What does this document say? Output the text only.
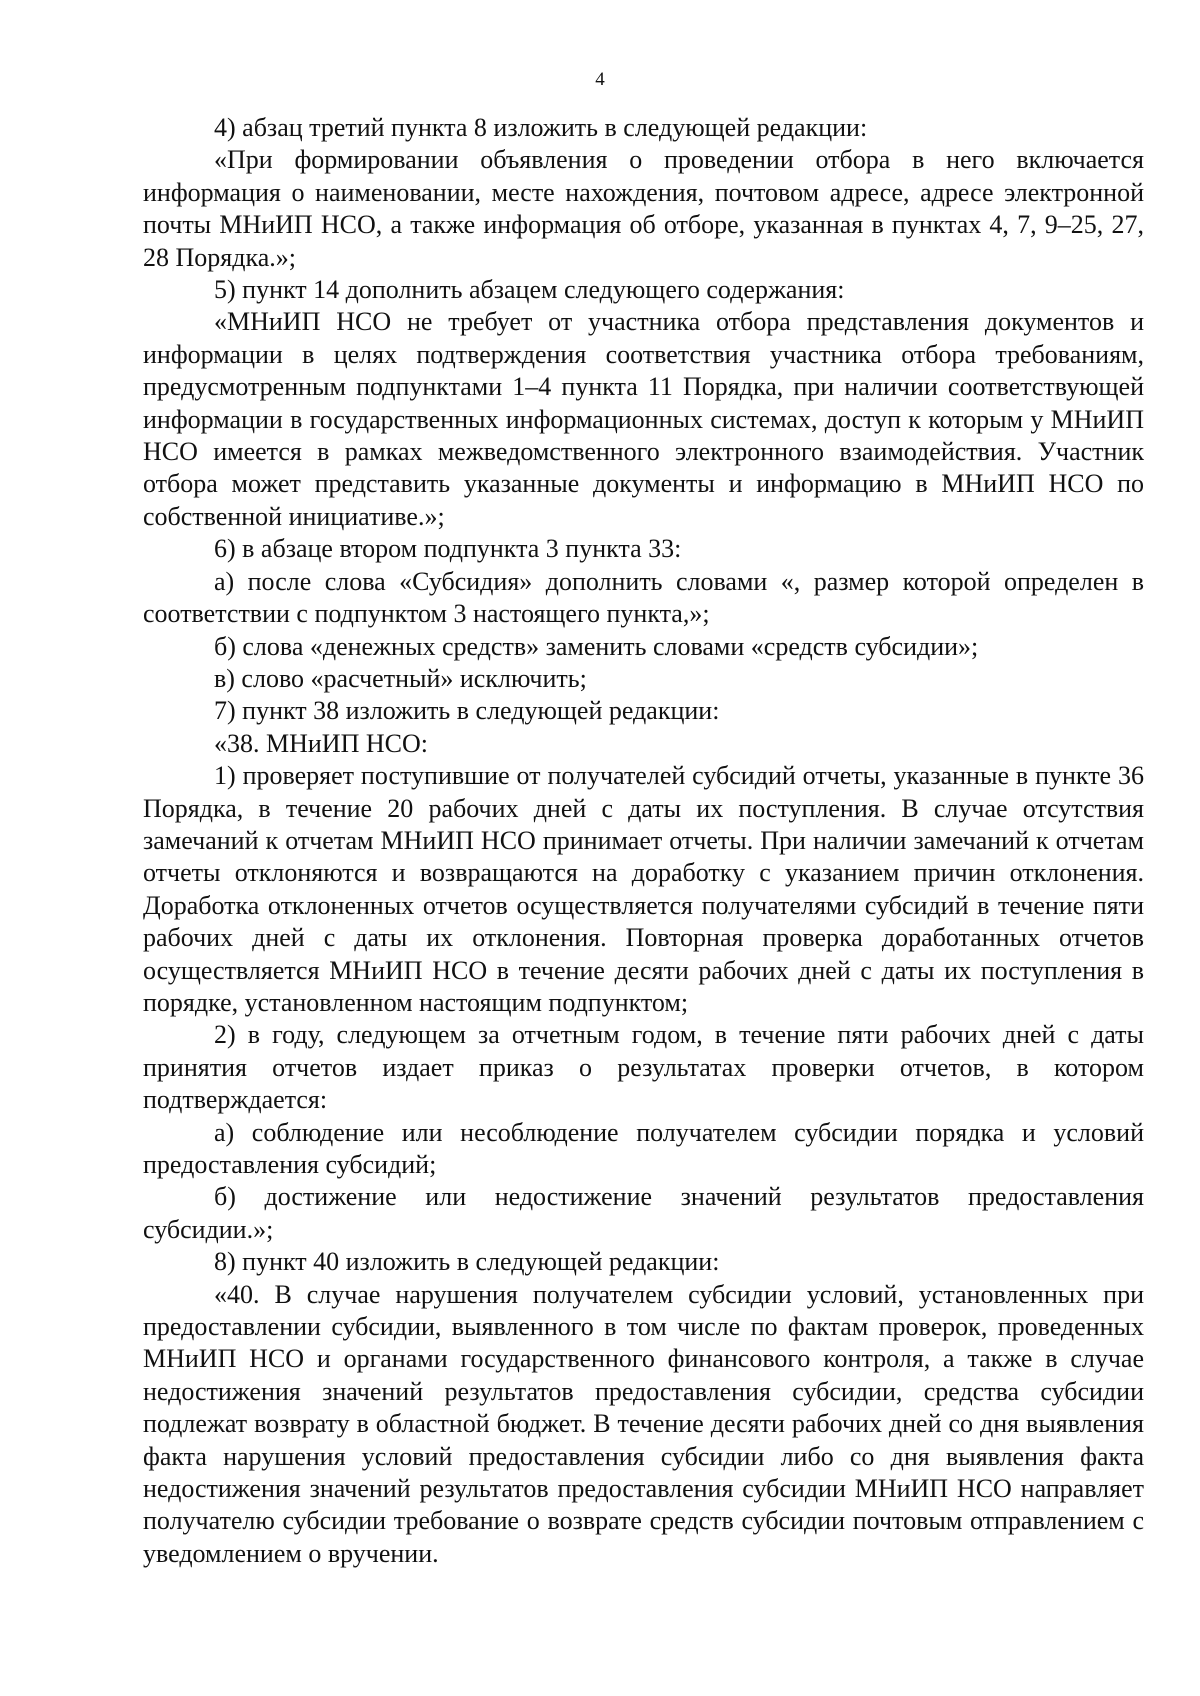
4

4) абзац третий пункта 8 изложить в следующей редакции:

«При формировании объявления о проведении отбора в него включается информация о наименовании, месте нахождения, почтовом адресе, адресе электронной почты МНиИП НСО, а также информация об отборе, указанная в пунктах 4, 7, 9–25, 27, 28 Порядка.»;

5) пункт 14 дополнить абзацем следующего содержания:

«МНиИП НСО не требует от участника отбора представления документов и информации в целях подтверждения соответствия участника отбора требованиям, предусмотренным подпунктами 1–4 пункта 11 Порядка, при наличии соответствующей информации в государственных информационных системах, доступ к которым у МНиИП НСО имеется в рамках межведомственного электронного взаимодействия. Участник отбора может представить указанные документы и информацию в МНиИП НСО по собственной инициативе.»;

6) в абзаце втором подпункта 3 пункта 33:

а) после слова «Субсидия» дополнить словами «, размер которой определен в соответствии с подпунктом 3 настоящего пункта,»;

б) слова «денежных средств» заменить словами «средств субсидии»;

в) слово «расчетный» исключить;

7) пункт 38 изложить в следующей редакции:

«38. МНиИП НСО:

1) проверяет поступившие от получателей субсидий отчеты, указанные в пункте 36 Порядка, в течение 20 рабочих дней с даты их поступления. В случае отсутствия замечаний к отчетам МНиИП НСО принимает отчеты. При наличии замечаний к отчетам отчеты отклоняются и возвращаются на доработку с указанием причин отклонения. Доработка отклоненных отчетов осуществляется получателями субсидий в течение пяти рабочих дней с даты их отклонения. Повторная проверка доработанных отчетов осуществляется МНиИП НСО в течение десяти рабочих дней с даты их поступления в порядке, установленном настоящим подпунктом;

2) в году, следующем за отчетным годом, в течение пяти рабочих дней с даты принятия отчетов издает приказ о результатах проверки отчетов, в котором подтверждается:

а) соблюдение или несоблюдение получателем субсидии порядка и условий предоставления субсидий;

б) достижение или недостижение значений результатов предоставления субсидии.»;

8) пункт 40 изложить в следующей редакции:

«40. В случае нарушения получателем субсидии условий, установленных при предоставлении субсидии, выявленного в том числе по фактам проверок, проведенных МНиИП НСО и органами государственного финансового контроля, а также в случае недостижения значений результатов предоставления субсидии, средства субсидии подлежат возврату в областной бюджет. В течение десяти рабочих дней со дня выявления факта нарушения условий предоставления субсидии либо со дня выявления факта недостижения значений результатов предоставления субсидии МНиИП НСО направляет получателю субсидии требование о возврате средств субсидии почтовым отправлением с уведомлением о вручении.
